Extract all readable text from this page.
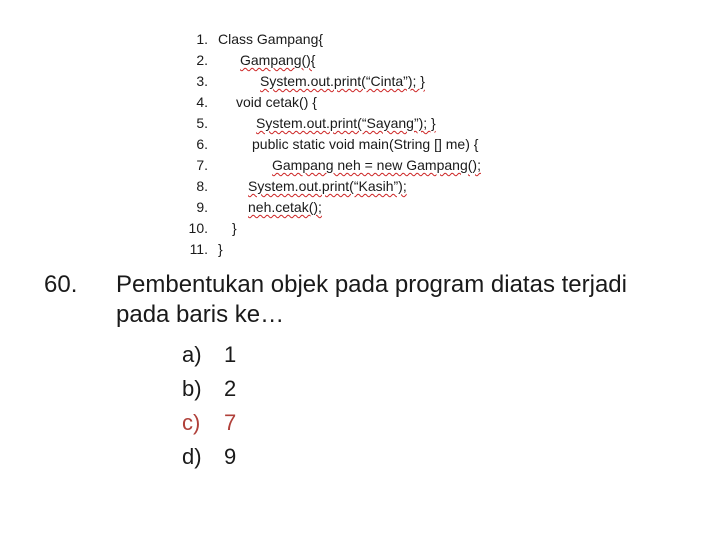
1. Class Gampang{
2. Gampang(){
3.	System.out.print(“Cinta”); }
4. void cetak() {
5.	System.out.print(“Sayang”); }
6.	public static void main(String [] me) {
7.	Gampang neh = new Gampang();
8.	System.out.print(“Kasih”);
9.	neh.cetak();
10. }
11. }
60. Pembentukan objek pada program diatas terjadi pada baris ke…
a) 1
b) 2
c) 7
d) 9
